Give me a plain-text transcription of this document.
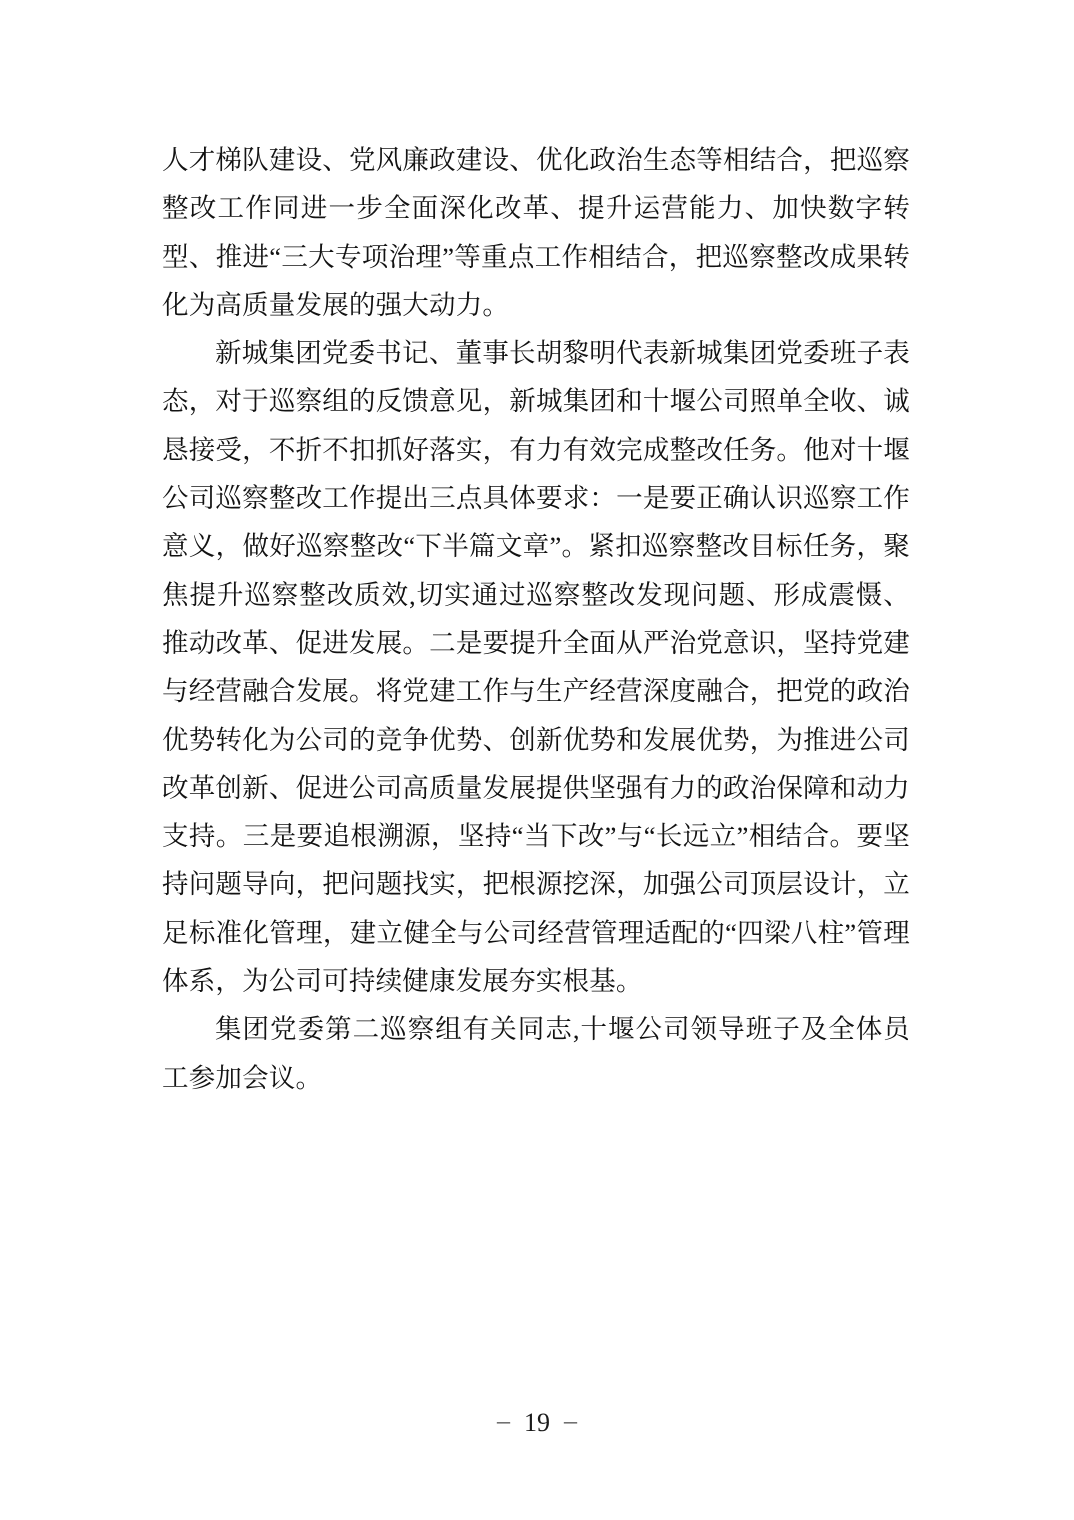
人才梯队建设、党风廉政建设、优化政治生态等相结合，把巡察整改工作同进一步全面深化改革、提升运营能力、加快数字转型、推进“三大专项治理”等重点工作相结合，把巡察整改成果转化为高质量发展的强大动力。

新城集团党委书记、董事长胡黎明代表新城集团党委班子表态，对于巡察组的反馈意见，新城集团和十堰公司照单全收、诚恳接受，不折不扣抓好落实，有力有效完成整改任务。他对十堰公司巡察整改工作提出三点具体要求：一是要正确认识巡察工作意义，做好巡察整改“下半篇文章”。紧扣巡察整改目标任务，聚焦提升巡察整改质效,切实通过巡察整改发现问题、形成震慑、推动改革、促进发展。二是要提升全面从严治党意识，坚持党建与经营融合发展。将党建工作与生产经营深度融合，把党的政治优势转化为公司的竞争优势、创新优势和发展优势，为推进公司改革创新、促进公司高质量发展提供坚强有力的政治保障和动力支持。三是要追根溯源，坚持“当下改”与“长远立”相结合。要坚持问题导向，把问题找实，把根源挖深，加强公司顶层设计，立足标准化管理，建立健全与公司经营管理适配的“四梁八柱”管理体系，为公司可持续健康发展夯实根基。

集团党委第二巡察组有关同志,十堰公司领导班子及全体员工参加会议。

– 19 –
